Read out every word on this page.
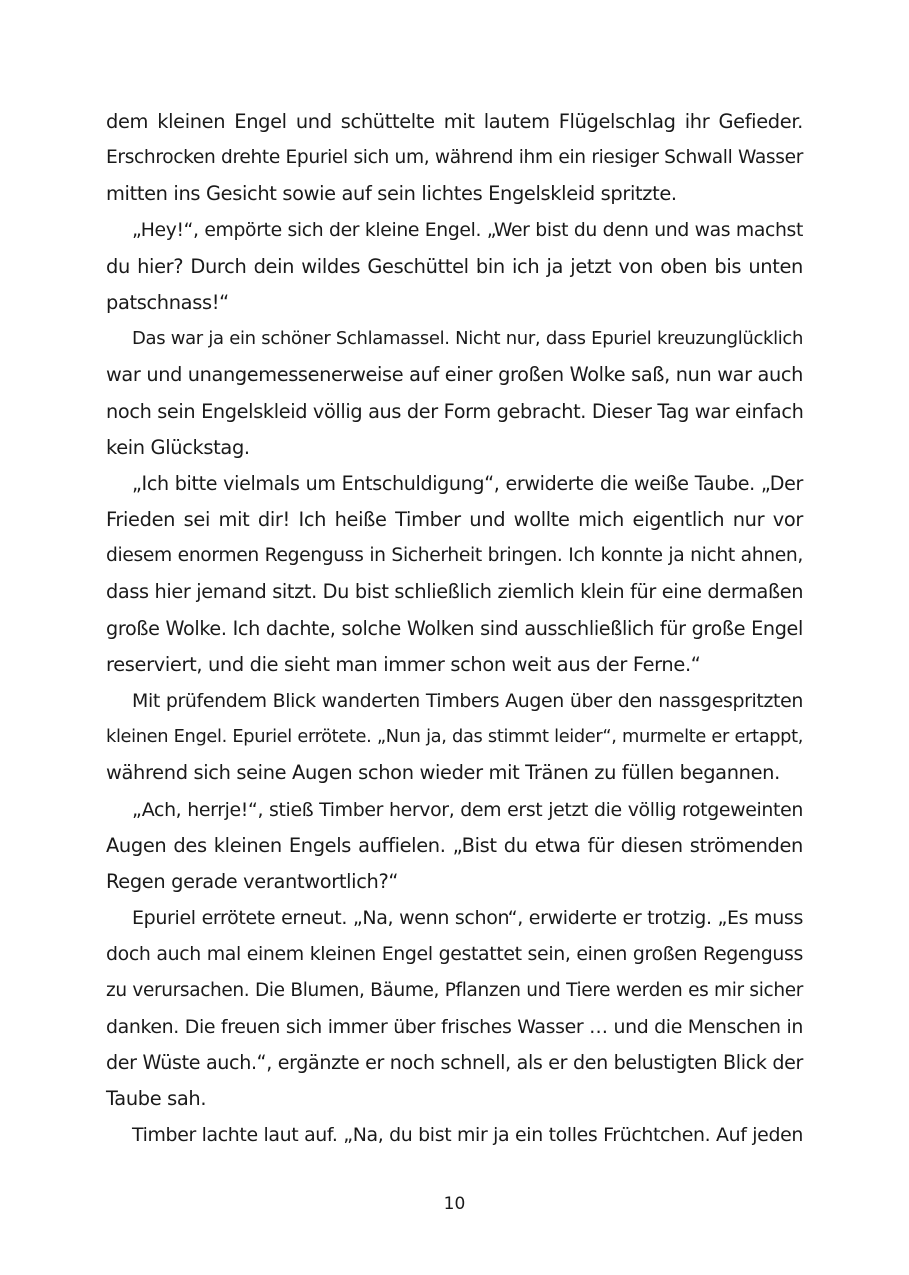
dem kleinen Engel und schüttelte mit lautem Flügelschlag ihr Gefieder.
Erschrocken drehte Epuriel sich um, während ihm ein riesiger Schwall Wasser
mitten ins Gesicht sowie auf sein lichtes Engelskleid spritzte.
„Hey!“, empörte sich der kleine Engel. „Wer bist du denn und was machst
du hier? Durch dein wildes Geschüttel bin ich ja jetzt von oben bis unten
patschnass!“
Das war ja ein schöner Schlamassel. Nicht nur, dass Epuriel kreuzunglücklich
war und unangemessenerweise auf einer großen Wolke saß, nun war auch
noch sein Engelskleid völlig aus der Form gebracht. Dieser Tag war einfach
kein Glückstag.
„Ich bitte vielmals um Entschuldigung“, erwiderte die weiße Taube. „Der
Frieden sei mit dir! Ich heiße Timber und wollte mich eigentlich nur vor
diesem enormen Regenguss in Sicherheit bringen. Ich konnte ja nicht ahnen,
dass hier jemand sitzt. Du bist schließlich ziemlich klein für eine dermaßen
große Wolke. Ich dachte, solche Wolken sind ausschließlich für große Engel
reserviert, und die sieht man immer schon weit aus der Ferne.“
Mit prüfendem Blick wanderten Timbers Augen über den nassgespritzten
kleinen Engel. Epuriel errötete. „Nun ja, das stimmt leider“, murmelte er ertappt,
während sich seine Augen schon wieder mit Tränen zu füllen begannen.
„Ach, herrje!“, stieß Timber hervor, dem erst jetzt die völlig rotgeweinten
Augen des kleinen Engels auffielen. „Bist du etwa für diesen strömenden
Regen gerade verantwortlich?“
Epuriel errötete erneut. „Na, wenn schon“, erwiderte er trotzig. „Es muss
doch auch mal einem kleinen Engel gestattet sein, einen großen Regenguss
zu verursachen. Die Blumen, Bäume, Pflanzen und Tiere werden es mir sicher
danken. Die freuen sich immer über frisches Wasser … und die Menschen in
der Wüste auch.“, ergänzte er noch schnell, als er den belustigten Blick der
Taube sah.
Timber lachte laut auf. „Na, du bist mir ja ein tolles Früchtchen. Auf jeden
10
